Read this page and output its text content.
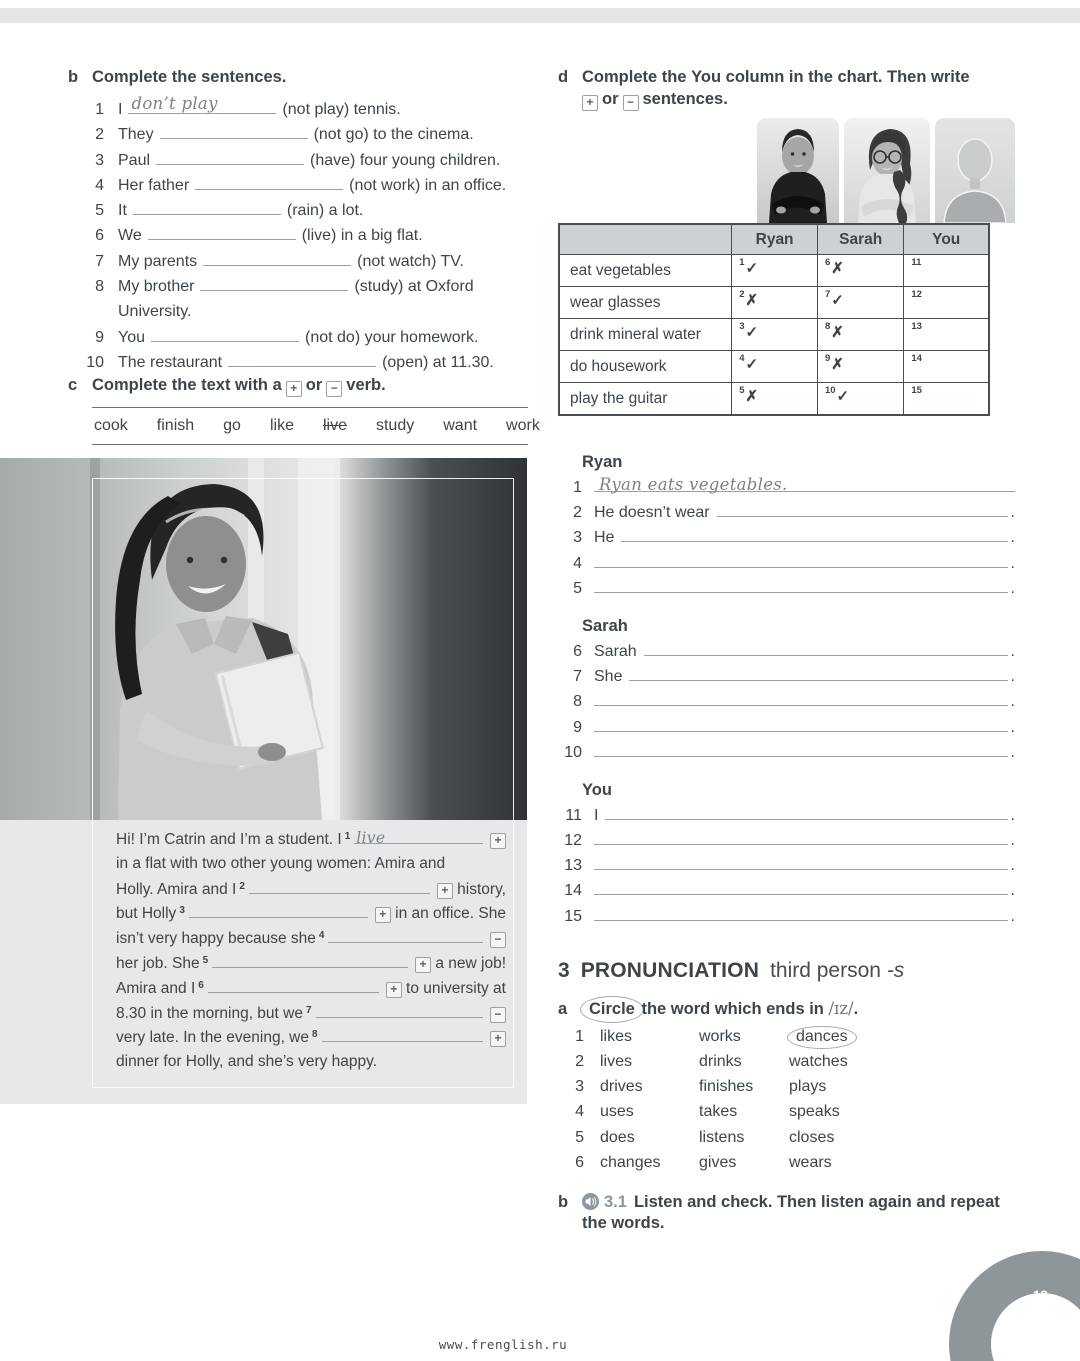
b Complete the sentences.
1 I don’t play	(not play) tennis.
2 They	(not go) to the cinema.
3 Paul	(have) four young children.
4 Her father	(not work) in an office.
5 It	(rain) a lot.
6 We	(live) in a big flat.
7 My parents	(not watch) TV.
8 My brother	(study) at Oxford University.
9 You	(not do) your homework.
10 The restaurant	(open) at 11.30.
c Complete the text with a + or − verb.
cook finish go like live study want work
Hi! I’m Catrin and I’m a student. I 1 live	+
in a flat with two other young women: Amira and
Holly. Amira and I 2	+ history,
but Holly 3	+ in an office. She
isn’t very happy because she 4	−
her job. She 5	+ a new job!
Amira and I 6	+ to university at
8.30 in the morning, but we 7	−
very late. In the evening, we 8	+
dinner for Holly, and she’s very happy.
d Complete the You column in the chart. Then write
+ or − sentences.
	Ryan	Sarah	You
eat vegetables	$^1$✓	$^6$✗	$^{11}$
wear glasses	$^2$✗	$^7$✓	$^{12}$
drink mineral water	$^3$✓	$^8$✗	$^{13}$
do housework	$^4$✓	$^9$✗	$^{14}$
play the guitar	$^5$✗	$^{10}$✓	$^{15}$
Ryan
1 Ryan eats vegetables.
2 He doesn’t wear	.
3 He	.
4	.
5	.
Sarah
6 Sarah	.
7 She	.
8	.
9	.
10	.
You
11 I	.
12	.
13	.
14	.
15	.
3 PRONUNCIATION third person -s
a	Circle the word which ends in /ɪz/.
1 likes	works	dances
2 lives	drinks	watches
3 drives	finishes	plays
4 uses	takes	speaks
5 does	listens	closes
6 changes	gives	wears
b	3.1 Listen and check. Then listen again and repeat the words.
www.frenglish.ru
19
